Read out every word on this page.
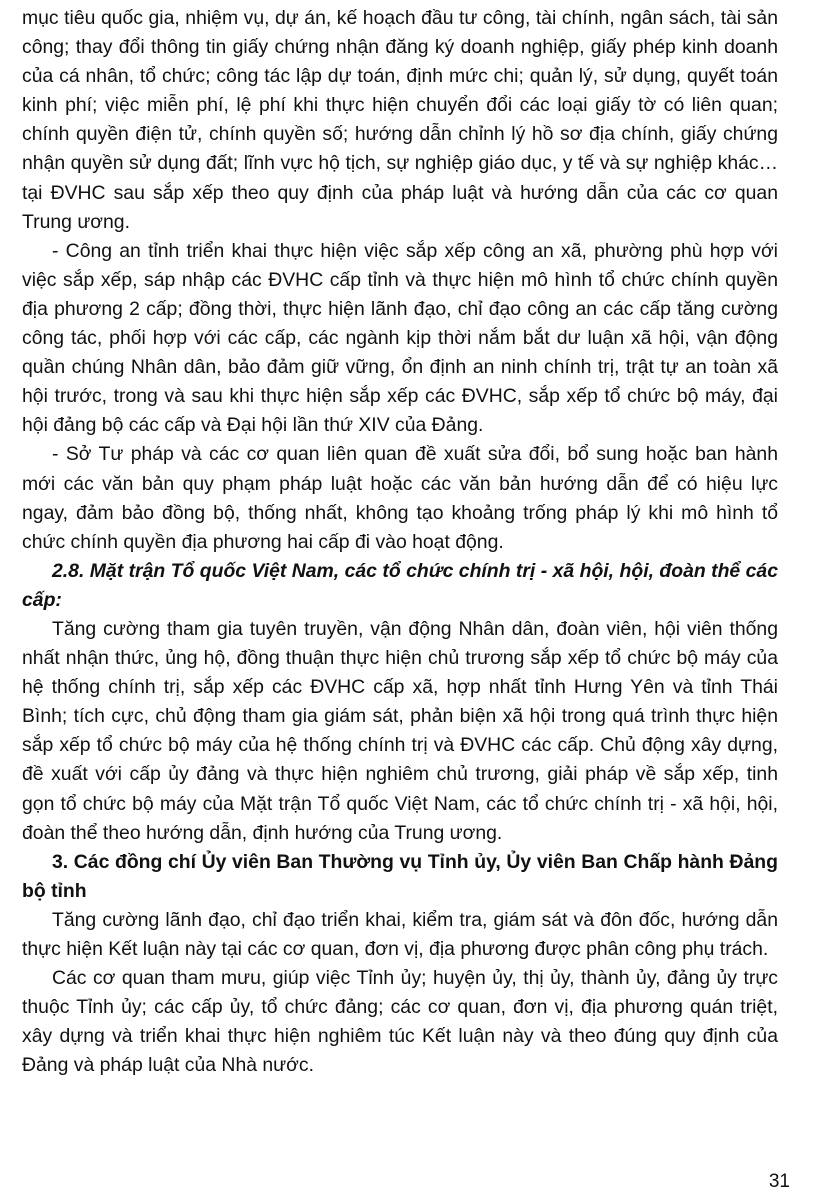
mục tiêu quốc gia, nhiệm vụ, dự án, kế hoạch đầu tư công, tài chính, ngân sách, tài sản công; thay đổi thông tin giấy chứng nhận đăng ký doanh nghiệp, giấy phép kinh doanh của cá nhân, tổ chức; công tác lập dự toán, định mức chi; quản lý, sử dụng, quyết toán kinh phí; việc miễn phí, lệ phí khi thực hiện chuyển đổi các loại giấy tờ có liên quan; chính quyền điện tử, chính quyền số; hướng dẫn chỉnh lý hồ sơ địa chính, giấy chứng nhận quyền sử dụng đất; lĩnh vực hộ tịch, sự nghiệp giáo dục, y tế và sự nghiệp khác… tại ĐVHC sau sắp xếp theo quy định của pháp luật và hướng dẫn của các cơ quan Trung ương.

- Công an tỉnh triển khai thực hiện việc sắp xếp công an xã, phường phù hợp với việc sắp xếp, sáp nhập các ĐVHC cấp tỉnh và thực hiện mô hình tổ chức chính quyền địa phương 2 cấp; đồng thời, thực hiện lãnh đạo, chỉ đạo công an các cấp tăng cường công tác, phối hợp với các cấp, các ngành kịp thời nắm bắt dư luận xã hội, vận động quần chúng Nhân dân, bảo đảm giữ vững, ổn định an ninh chính trị, trật tự an toàn xã hội trước, trong và sau khi thực hiện sắp xếp các ĐVHC, sắp xếp tổ chức bộ máy, đại hội đảng bộ các cấp và Đại hội lần thứ XIV của Đảng.

- Sở Tư pháp và các cơ quan liên quan đề xuất sửa đổi, bổ sung hoặc ban hành mới các văn bản quy phạm pháp luật hoặc các văn bản hướng dẫn để có hiệu lực ngay, đảm bảo đồng bộ, thống nhất, không tạo khoảng trống pháp lý khi mô hình tổ chức chính quyền địa phương hai cấp đi vào hoạt động.

2.8. Mặt trận Tổ quốc Việt Nam, các tổ chức chính trị - xã hội, hội, đoàn thể các cấp:

Tăng cường tham gia tuyên truyền, vận động Nhân dân, đoàn viên, hội viên thống nhất nhận thức, ủng hộ, đồng thuận thực hiện chủ trương sắp xếp tổ chức bộ máy của hệ thống chính trị, sắp xếp các ĐVHC cấp xã, hợp nhất tỉnh Hưng Yên và tỉnh Thái Bình; tích cực, chủ động tham gia giám sát, phản biện xã hội trong quá trình thực hiện sắp xếp tổ chức bộ máy của hệ thống chính trị và ĐVHC các cấp. Chủ động xây dựng, đề xuất với cấp ủy đảng và thực hiện nghiêm chủ trương, giải pháp về sắp xếp, tinh gọn tổ chức bộ máy của Mặt trận Tổ quốc Việt Nam, các tổ chức chính trị - xã hội, hội, đoàn thể theo hướng dẫn, định hướng của Trung ương.

3. Các đồng chí Ủy viên Ban Thường vụ Tỉnh ủy, Ủy viên Ban Chấp hành Đảng bộ tỉnh

Tăng cường lãnh đạo, chỉ đạo triển khai, kiểm tra, giám sát và đôn đốc, hướng dẫn thực hiện Kết luận này tại các cơ quan, đơn vị, địa phương được phân công phụ trách.

Các cơ quan tham mưu, giúp việc Tỉnh ủy; huyện ủy, thị ủy, thành ủy, đảng ủy trực thuộc Tỉnh ủy; các cấp ủy, tổ chức đảng; các cơ quan, đơn vị, địa phương quán triệt, xây dựng và triển khai thực hiện nghiêm túc Kết luận này và theo đúng quy định của Đảng và pháp luật của Nhà nước.

31
